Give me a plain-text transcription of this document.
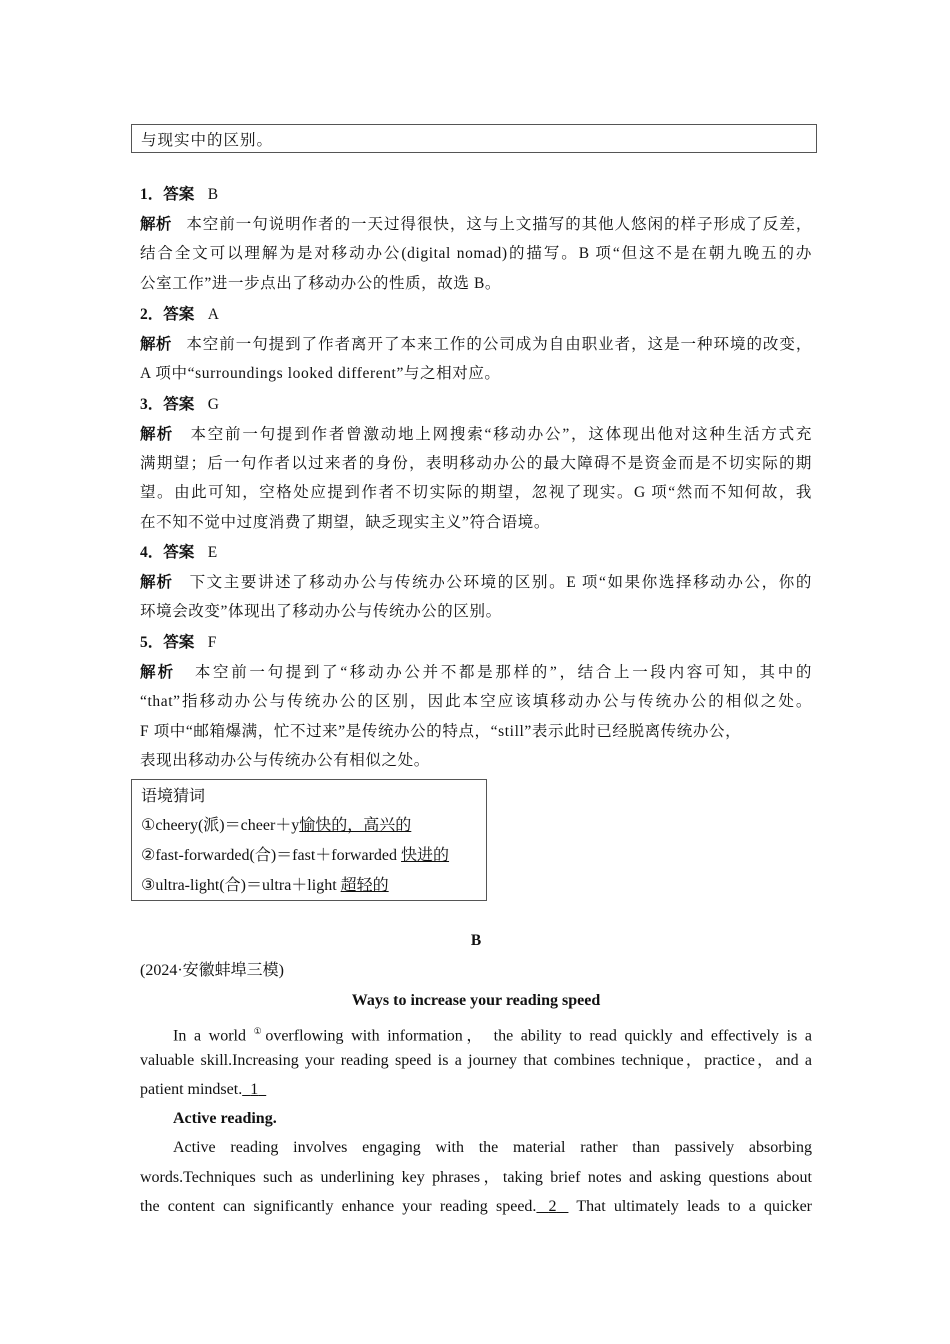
与现实中的区别。
1．答案 B
解析 本空前一句说明作者的一天过得很快，这与上文描写的其他人悠闲的样子形成了反差，
结合全文可以理解为是对移动办公(digital nomad)的描写。B 项“但这不是在朝九晚五的办
公室工作”进一步点出了移动办公的性质，故选 B。
2．答案 A
解析 本空前一句提到了作者离开了本来工作的公司成为自由职业者，这是一种环境的改变，
A 项中“surroundings looked different”与之相对应。
3．答案 G
解析 本空前一句提到作者曾激动地上网搜索“移动办公”，这体现出他对这种生活方式充
满期望；后一句作者以过来者的身份，表明移动办公的最大障碍不是资金而是不切实际的期
望。由此可知，空格处应提到作者不切实际的期望，忽视了现实。G 项“然而不知何故，我
在不知不觉中过度消费了期望，缺乏现实主义”符合语境。
4．答案 E
解析 下文主要讲述了移动办公与传统办公环境的区别。E 项“如果你选择移动办公，你的
环境会改变”体现出了移动办公与传统办公的区别。
5．答案 F
解析 本空前一句提到了“移动办公并不都是那样的”，结合上一段内容可知，其中的
“that”指移动办公与传统办公的区别，因此本空应该填移动办公与传统办公的相似之处。
F 项中“邮箱爆满，忙不过来”是传统办公的特点，“still”表示此时已经脱离传统办公，
表现出移动办公与传统办公有相似之处。
语境猜词
①cheery(派)＝cheer＋y愉快的，高兴的
②fast-forwarded(合)＝fast＋forwarded 快进的
③ultra-light(合)＝ultra＋light 超轻的
B
(2024·安徽蚌埠三模)
Ways to increase your reading speed
In a world ①overflowing with information， the ability to read quickly and effectively is a
valuable skill.Increasing your reading speed is a journey that combines technique，practice，and a
patient mindset. 1
Active reading.
Active reading involves engaging with the material rather than passively absorbing
words.Techniques such as underlining key phrases，taking brief notes and asking questions about
the content can significantly enhance your reading speed. 2    That ultimately leads to a quicker
